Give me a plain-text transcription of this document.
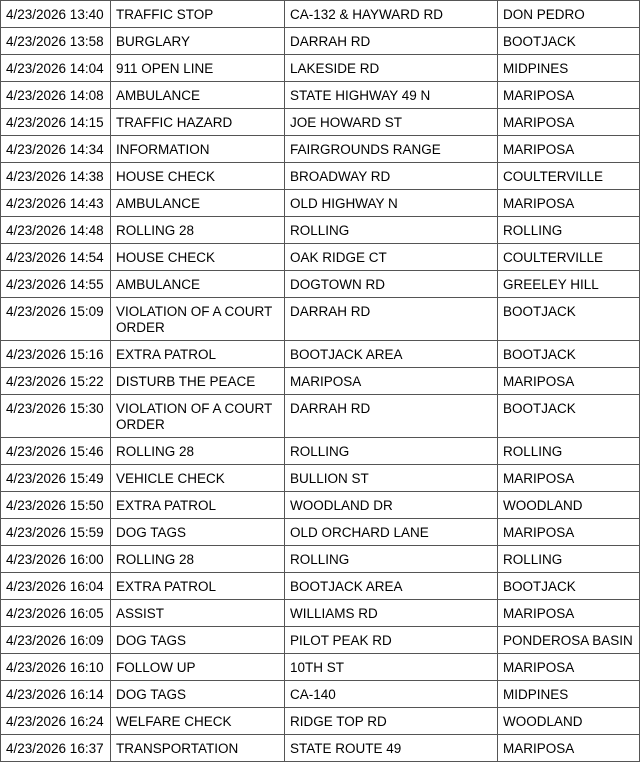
4/23/2026 13:40	TRAFFIC STOP	CA-132 & HAYWARD RD	DON PEDRO
4/23/2026 13:58	BURGLARY	DARRAH RD	BOOTJACK
4/23/2026 14:04	911 OPEN LINE	LAKESIDE RD	MIDPINES
4/23/2026 14:08	AMBULANCE	STATE HIGHWAY 49 N	MARIPOSA
4/23/2026 14:15	TRAFFIC HAZARD	JOE HOWARD ST	MARIPOSA
4/23/2026 14:34	INFORMATION	FAIRGROUNDS RANGE	MARIPOSA
4/23/2026 14:38	HOUSE CHECK	BROADWAY RD	COULTERVILLE
4/23/2026 14:43	AMBULANCE	OLD HIGHWAY N	MARIPOSA
4/23/2026 14:48	ROLLING 28	ROLLING	ROLLING
4/23/2026 14:54	HOUSE CHECK	OAK RIDGE CT	COULTERVILLE
4/23/2026 14:55	AMBULANCE	DOGTOWN RD	GREELEY HILL
4/23/2026 15:09	VIOLATION OF A COURT ORDER	DARRAH RD	BOOTJACK
4/23/2026 15:16	EXTRA PATROL	BOOTJACK AREA	BOOTJACK
4/23/2026 15:22	DISTURB THE PEACE	MARIPOSA	MARIPOSA
4/23/2026 15:30	VIOLATION OF A COURT ORDER	DARRAH RD	BOOTJACK
4/23/2026 15:46	ROLLING 28	ROLLING	ROLLING
4/23/2026 15:49	VEHICLE CHECK	BULLION ST	MARIPOSA
4/23/2026 15:50	EXTRA PATROL	WOODLAND DR	WOODLAND
4/23/2026 15:59	DOG TAGS	OLD ORCHARD LANE	MARIPOSA
4/23/2026 16:00	ROLLING 28	ROLLING	ROLLING
4/23/2026 16:04	EXTRA PATROL	BOOTJACK AREA	BOOTJACK
4/23/2026 16:05	ASSIST	WILLIAMS RD	MARIPOSA
4/23/2026 16:09	DOG TAGS	PILOT PEAK RD	PONDEROSA BASIN
4/23/2026 16:10	FOLLOW UP	10TH ST	MARIPOSA
4/23/2026 16:14	DOG TAGS	CA-140	MIDPINES
4/23/2026 16:24	WELFARE CHECK	RIDGE TOP RD	WOODLAND
4/23/2026 16:37	TRANSPORTATION	STATE ROUTE 49	MARIPOSA
